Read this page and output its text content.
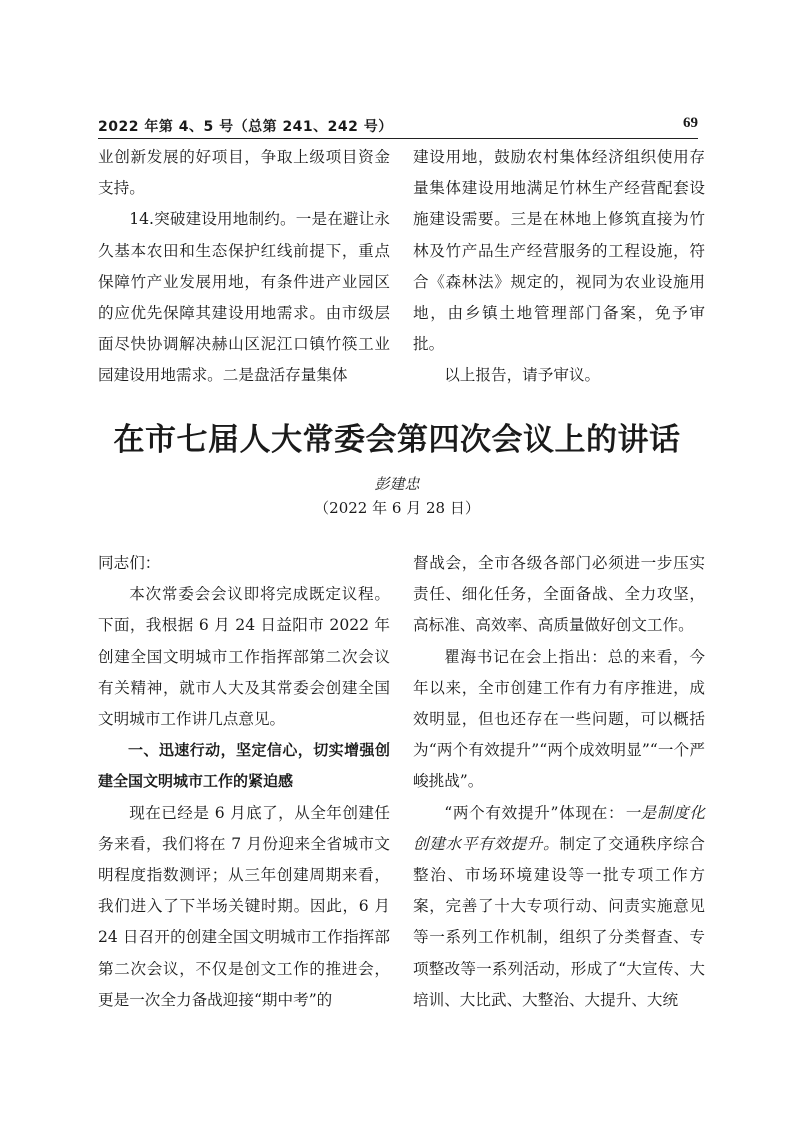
2022 年第 4、5 号（总第 241、242 号）	69

业创新发展的好项目，争取上级项目资金支持。

14.突破建设用地制约。一是在避让永久基本农田和生态保护红线前提下，重点保障竹产业发展用地，有条件进产业园区的应优先保障其建设用地需求。由市级层面尽快协调解决赫山区泥江口镇竹筷工业园建设用地需求。二是盘活存量集体

建设用地，鼓励农村集体经济组织使用存量集体建设用地满足竹林生产经营配套设施建设需要。三是在林地上修筑直接为竹林及竹产品生产经营服务的工程设施，符合《森林法》规定的，视同为农业设施用地，由乡镇土地管理部门备案，免予审批。

以上报告，请予审议。

在市七届人大常委会第四次会议上的讲话
彭建忠
（2022 年 6 月 28 日）

同志们：

本次常委会会议即将完成既定议程。下面，我根据 6 月 24 日益阳市 2022 年创建全国文明城市工作指挥部第二次会议有关精神，就市人大及其常委会创建全国文明城市工作讲几点意见。

一、迅速行动，坚定信心，切实增强创建全国文明城市工作的紧迫感

现在已经是 6 月底了，从全年创建任务来看，我们将在 7 月份迎来全省城市文明程度指数测评；从三年创建周期来看，我们进入了下半场关键时期。因此，6 月 24 日召开的创建全国文明城市工作指挥部第二次会议，不仅是创文工作的推进会，更是一次全力备战迎接“期中考”的

督战会，全市各级各部门必须进一步压实责任、细化任务，全面备战、全力攻坚，高标准、高效率、高质量做好创文工作。

瞿海书记在会上指出：总的来看，今年以来，全市创建工作有力有序推进，成效明显，但也还存在一些问题，可以概括为“两个有效提升”“两个成效明显”“一个严峻挑战”。

“两个有效提升”体现在：一是制度化创建水平有效提升。制定了交通秩序综合整治、市场环境建设等一批专项工作方案，完善了十大专项行动、问责实施意见等一系列工作机制，组织了分类督查、专项整改等一系列活动，形成了“大宣传、大培训、大比武、大整治、大提升、大统
